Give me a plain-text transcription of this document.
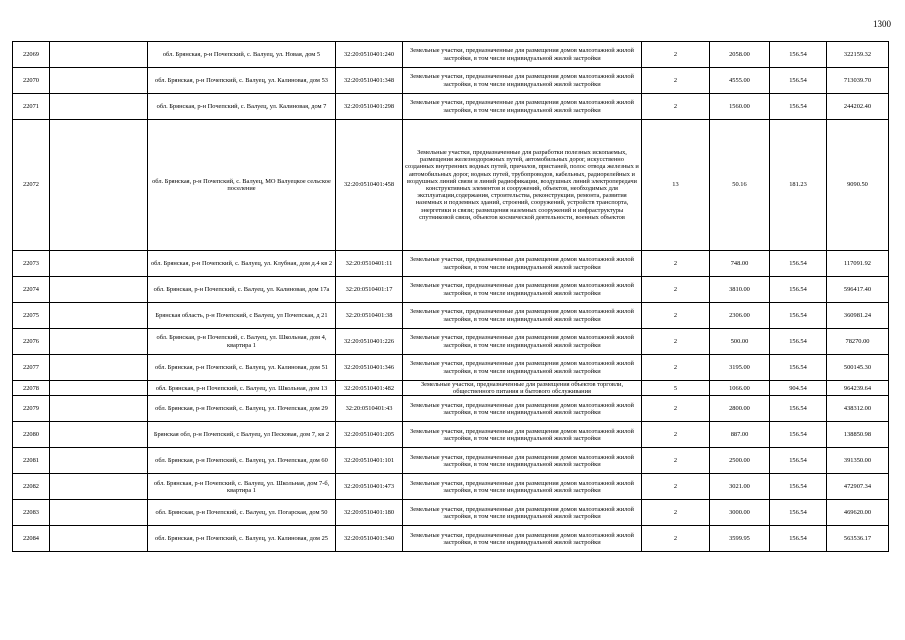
1300
22069		обл. Брянская, р-н Почепский, с. Валуец, ул. Новая, дом 5	32:20:0510401:240	Земельные участки, предназначенные для размещения домов малоэтажной жилой застройки, в том числе индивидуальной жилой застройки	2	2058.00	156.54	322159.32
22070		обл. Брянская, р-н Почепский, с. Валуец, ул. Калиновая, дом 53	32:20:0510401:348	Земельные участки, предназначенные для размещения домов малоэтажной жилой застройки, в том числе индивидуальной жилой застройки	2	4555.00	156.54	713039.70
22071		обл. Брянская, р-н Почепский, с. Валуец, ул. Калиновая, дом 7	32:20:0510401:298	Земельные участки, предназначенные для размещения домов малоэтажной жилой застройки, в том числе индивидуальной жилой застройки	2	1560.00	156.54	244202.40
22072		обл. Брянская, р-н Почепский, с. Валуец, МО Валуецкое сельское поселение	32:20:0510401:458	Земельные участки, предназначенные для разработки полезных ископаемых, размещения железнодорожных путей, автомобильных дорог, искусственно созданных внутренних водных путей, причалов, пристаней, полос отвода железных и автомобильных дорог, водных путей, трубопроводов, кабельных, радиорелейных и воздушных линий связи и линий радиофикации, воздушных линий электропередачи конструктивных элементов и сооружений, объектов, необходимых для эксплуатации,содержания, строительства, реконструкции, ремонта, развития наземных и подземных зданий, строений, сооружений, устройств транспорта, энергетики и связи; размещения наземных сооружений и инфраструктуры спутниковой связи, объектов космической деятельности, военных объектов	13	50.16	181.23	9090.50
22073		обл. Брянская, р-н Почепский, с. Валуец, ул. Клубная, дом д.4 кв 2	32:20:0510401:11	Земельные участки, предназначенные для размещения домов малоэтажной жилой застройки, в том числе индивидуальной жилой застройки	2	748.00	156.54	117091.92
22074		обл. Брянская, р-н Почепский, с. Валуец, ул. Калиновая, дом 17а	32:20:0510401:17	Земельные участки, предназначенные для размещения домов малоэтажной жилой застройки, в том числе индивидуальной жилой застройки	2	3810.00	156.54	596417.40
22075		Брянская область, р-н Почепский, с Валуец, ул Почепская, д 21	32:20:0510401:38	Земельные участки, предназначенные для размещения домов малоэтажной жилой застройки, в том числе индивидуальной жилой застройки	2	2306.00	156.54	360981.24
22076		обл. Брянская, р-н Почепский, с. Валуец, ул. Школьная, дом 4, квартира 1	32:20:0510401:226	Земельные участки, предназначенные для размещения домов малоэтажной жилой застройки, в том числе индивидуальной жилой застройки	2	500.00	156.54	78270.00
22077		обл. Брянская, р-н Почепский, с. Валуец, ул. Калиновая, дом 51	32:20:0510401:346	Земельные участки, предназначенные для размещения домов малоэтажной жилой застройки, в том числе индивидуальной жилой застройки	2	3195.00	156.54	500145.30
22078		обл. Брянская, р-н Почепский, с. Валуец, ул. Школьная, дом 13	32:20:0510401:482	Земельные участки, предназначенные для размещения объектов торговли, общественного питания и бытового обслуживания	5	1066.00	904.54	964239.64
22079		обл. Брянская, р-н Почепский, с. Валуец, ул. Почепская, дом 29	32:20:0510401:43	Земельные участки, предназначенные для размещения домов малоэтажной жилой застройки, в том числе индивидуальной жилой застройки	2	2800.00	156.54	438312.00
22080		Брянская обл, р-н Почепский, с Валуец, ул Песковая, дом 7, кв 2	32:20:0510401:205	Земельные участки, предназначенные для размещения домов малоэтажной жилой застройки, в том числе индивидуальной жилой застройки	2	887.00	156.54	138850.98
22081		обл. Брянская, р-н Почепский, с. Валуец, ул. Почепская, дом 60	32:20:0510401:101	Земельные участки, предназначенные для размещения домов малоэтажной жилой застройки, в том числе индивидуальной жилой застройки	2	2500.00	156.54	391350.00
22082		обл. Брянская, р-н Почепский, с. Валуец, ул. Школьная, дом 7-б, квартира 1	32:20:0510401:473	Земельные участки, предназначенные для размещения домов малоэтажной жилой застройки, в том числе индивидуальной жилой застройки	2	3021.00	156.54	472907.34
22083		обл. Брянская, р-н Почепский, с. Валуец, ул. Погарская, дом 50	32:20:0510401:180	Земельные участки, предназначенные для размещения домов малоэтажной жилой застройки, в том числе индивидуальной жилой застройки	2	3000.00	156.54	469620.00
22084		обл. Брянская, р-н Почепский, с. Валуец, ул. Калиновая, дом 25	32:20:0510401:340	Земельные участки, предназначенные для размещения домов малоэтажной жилой застройки, в том числе индивидуальной жилой застройки	2	3599.95	156.54	563536.17
